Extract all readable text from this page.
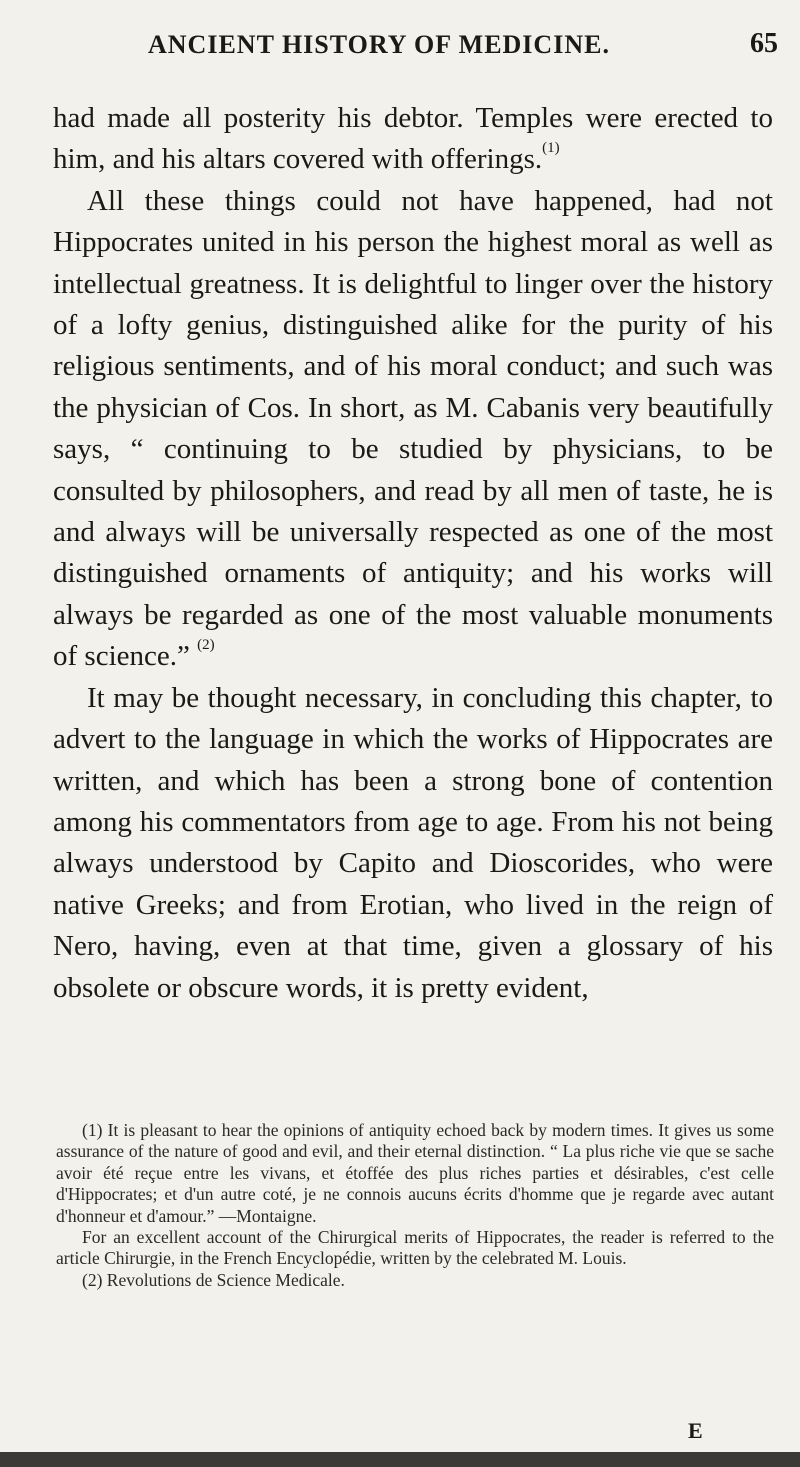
ANCIENT HISTORY OF MEDICINE.	65

had made all posterity his debtor. Temples were erected to him, and his altars covered with offerings.$^{(1)}$

All these things could not have happened, had not Hippocrates united in his person the highest moral as well as intellectual greatness. It is delightful to linger over the history of a lofty genius, distinguished alike for the purity of his religious sentiments, and of his moral conduct; and such was the physician of Cos. In short, as M. Cabanis very beautifully says, “ continuing to be studied by physicians, to be consulted by philosophers, and read by all men of taste, he is and always will be universally respected as one of the most distinguished ornaments of antiquity; and his works will always be regarded as one of the most valuable monuments of science.” $^{(2)}$

It may be thought necessary, in concluding this chapter, to advert to the language in which the works of Hippocrates are written, and which has been a strong bone of contention among his commentators from age to age. From his not being always understood by Capito and Dioscorides, who were native Greeks; and from Erotian, who lived in the reign of Nero, having, even at that time, given a glossary of his obsolete or obscure words, it is pretty evident,

(1) It is pleasant to hear the opinions of antiquity echoed back by modern times. It gives us some assurance of the nature of good and evil, and their eternal distinction. “ La plus riche vie que se sache avoir été reçue entre les vivans, et étoffée des plus riches parties et désirables, c'est celle d'Hippocrates; et d'un autre coté, je ne connois aucuns écrits d'homme que je regarde avec autant d'honneur et d'amour.” —Montaigne.

For an excellent account of the Chirurgical merits of Hippocrates, the reader is referred to the article Chirurgie, in the French Encyclopédie, written by the celebrated M. Louis.

(2) Revolutions de Science Medicale.

E
